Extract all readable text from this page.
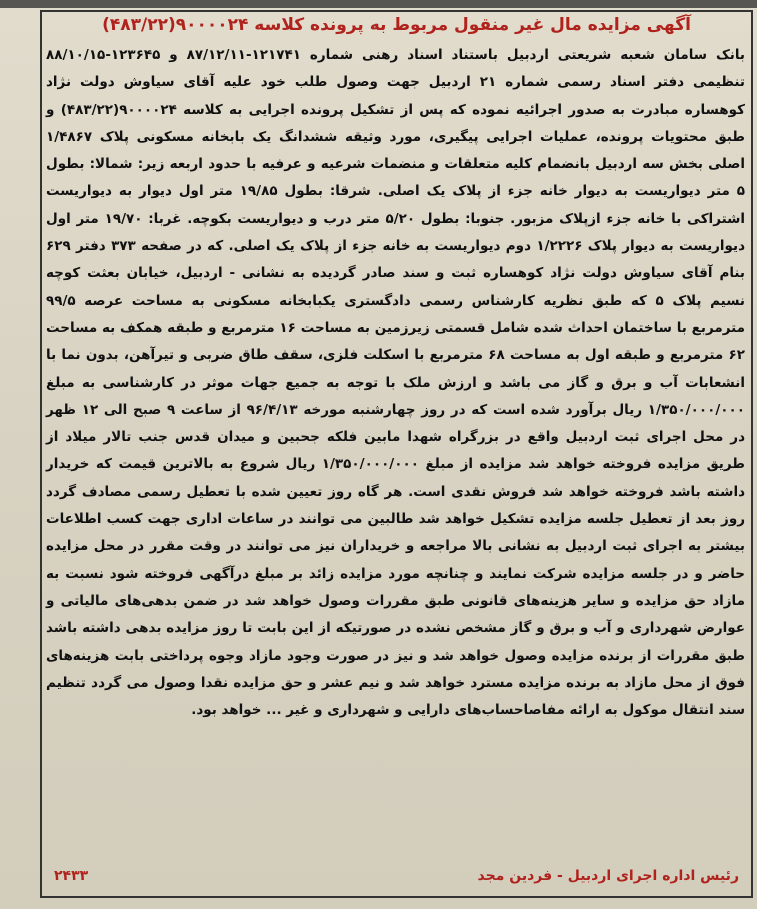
آگهی مزایده مال غیر منقول مربوط به پرونده کلاسه ۹۰۰۰۰۲۴(۴۸۳/۲۲)

بانک سامان شعبه شریعتی اردبیل باستناد اسناد رهنی شماره ۱۲۱۷۴۱-۸۷/۱۲/۱۱ و ۱۲۳۶۴۵-۸۸/۱۰/۱۵ تنظیمی دفتر اسناد رسمی شماره ۲۱ اردبیل جهت وصول طلب خود علیه آقای سیاوش دولت نژاد کوهساره مبادرت به صدور اجرائیه نموده که پس از تشکیل پرونده اجرایی به کلاسه ۹۰۰۰۰۲۴(۴۸۳/۲۲) و طبق محتویات پرونده، عملیات اجرایی پیگیری، مورد وثیقه ششدانگ یک بابخانه مسکونی پلاک ۱/۴۸۶۷ اصلی بخش سه اردبیل بانضمام کلیه متعلقات و منضمات شرعیه و عرفیه با حدود اربعه زیر: شمالا: بطول ۵ متر دیواریست به دیوار خانه جزء از پلاک یک اصلی. شرقا: بطول ۱۹/۸۵ متر اول دیوار به دیواریست اشتراکی با خانه جزء ازپلاک مزبور. جنوبا: بطول ۵/۲۰ متر درب و دیواریست بکوچه. غربا: ۱۹/۷۰ متر اول دیواریست به دیوار پلاک ۱/۲۲۲۶ دوم دیواریست به خانه جزء از پلاک یک اصلی. که در صفحه ۳۷۳ دفتر ۶۲۹ بنام آقای سیاوش دولت نژاد کوهساره ثبت و سند صادر گردیده به نشانی - اردبیل، خیابان بعثت کوچه نسیم پلاک ۵ که طبق نظریه کارشناس رسمی دادگستری یکبابخانه مسکونی به مساحت عرصه ۹۹/۵ مترمربع با ساختمان احداث شده شامل قسمتی زیرزمین به مساحت ۱۶ مترمربع و طبقه همکف به مساحت ۶۲ مترمربع و طبقه اول به مساحت ۶۸ مترمربع با اسکلت فلزی، سقف طاق ضربی و تیرآهن، بدون نما با انشعابات آب و برق و گاز می باشد و ارزش ملک با توجه به جمیع جهات موثر در کارشناسی به مبلغ ۱/۳۵۰/۰۰۰/۰۰۰ ریال برآورد شده است که در روز چهارشنبه مورخه ۹۶/۴/۱۳ از ساعت ۹ صبح الی ۱۲ ظهر در محل اجرای ثبت اردبیل واقع در بزرگراه شهدا مابین فلکه جحبین و میدان قدس جنب تالار میلاد از طریق مزایده فروخته خواهد شد مزایده از مبلغ ۱/۳۵۰/۰۰۰/۰۰۰ ریال شروع به بالاترین قیمت که خریدار داشته باشد فروخته خواهد شد فروش نقدی است. هر گاه روز تعیین شده با تعطیل رسمی مصادف گردد روز بعد از تعطیل جلسه مزایده تشکیل خواهد شد طالبین می توانند در ساعات اداری جهت کسب اطلاعات بیشتر به اجرای ثبت اردبیل به نشانی بالا مراجعه و خریداران نیز می توانند در وقت مقرر در محل مزایده حاضر و در جلسه مزایده شرکت نمایند و چنانچه مورد مزایده زائد بر مبلغ درآگهی فروخته شود نسبت به مازاد حق مزایده و سایر هزینه‌های قانونی طبق مقررات وصول خواهد شد در ضمن بدهی‌های مالیاتی و عوارض شهرداری و آب و برق و گاز مشخص نشده در صورتیکه از این بابت تا روز مزایده بدهی داشته باشد طبق مقررات از برنده مزایده وصول خواهد شد و نیز در صورت وجود مازاد وجوه پرداختی بابت هزینه‌های فوق از محل مازاد به برنده مزایده مسترد خواهد شد و نیم عشر و حق مزایده نقدا وصول می گردد تنظیم سند انتقال موکول به ارائه مفاصاحساب‌های دارایی و شهرداری و غیر ... خواهد بود.

رئیس اداره اجرای اردبیل - فردین مجد
۲۴۳۳
